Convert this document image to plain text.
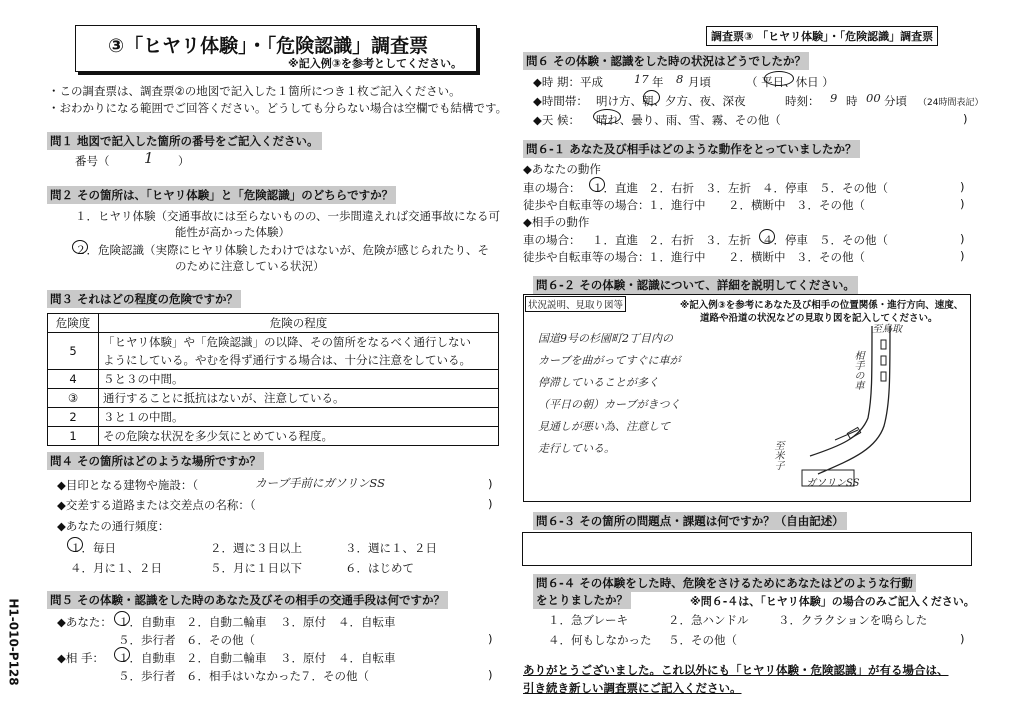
③「ヒヤリ体験」・「危険認識」調査票
※記入例③を参考としてください。
調査票③ 「ヒヤリ体験」・「危険認識」調査票
・この調査票は、調査票②の地図で記入した１箇所につき１枚ご記入ください。
・おわかりになる範囲でご回答ください。どうしても分らない場合は空欄でも結構です。
問１ 地図で記入した箇所の番号をご記入ください。
番号（ 1 ）
問２ その箇所は、「ヒヤリ体験」と「危険認識」のどちらですか？
１．ヒヤリ体験（交通事故には至らないものの、一歩間違えれば交通事故になる可
能性が高かった体験）
２．危険認識（実際にヒヤリ体験したわけではないが、危険が感じられたり、そ
のために注意している状況）
問３ それはどの程度の危険ですか？
危険度	危険の程度
5	「ヒヤリ体験」や「危険認識」の以降、その箇所をなるべく通行しない
	ようにしている。やむを得ず通行する場合は、十分に注意をしている。
4	５と３の中間。
③	通行することに抵抗はないが、注意している。
2	３と１の中間。
1	その危険な状況を多少気にとめている程度。
問４ その箇所はどのような場所ですか？
◆目印となる建物や施設：（	カーブ手前にガソリンSS	)
◆交差する道路または交差点の名称：（	)
◆あなたの通行頻度：
１．毎日	２．週に３日以上	３．週に１、２日
４．月に１、２日	５．月に１日以下	６．はじめて
問５ その体験・認識をした時のあなた及びその相手の交通手段は何ですか？
◆あなた： １．自動車 ２．自動二輪車 ３．原付 ４．自転車
５．歩行者 ６．その他（	)
◆相 手： １．自動車 ２．自動二輪車 ３．原付 ４．自転車
５．歩行者 ６．相手はいなかった ７．その他（	)
H1-010-P128
問６ その体験・認識をした時の状況はどうでしたか？
◆時 期：平成	17 年 8 月頃	（ 平日、休日 ）
◆時間帯： 明け方、朝、夕方、夜、深夜	時刻： 9 時 00 分頃 （24時間表記）
◆天 候： 晴れ、曇り、雨、雪、霧、その他（	)
問６-１ あなた及び相手はどのような動作をとっていましたか？
◆あなたの動作
車の場合： １．直進 ２．右折 ３．左折 ４．停車 ５．その他（	)
徒歩や自転車等の場合：
１．進行中 ２．横断中 ３．その他（	)
◆相手の動作
車の場合： １．直進 ２．右折 ３．左折 ４．停車 ５．その他（	)
徒歩や自転車等の場合：
１．進行中 ２．横断中 ３．その他（	)
問６-２ その体験・認識について、詳細を説明してください。
状況説明、見取り図等	※記入例③を参考にあなた及び相手の位置関係・進行方向、速度、
道路や沿道の状況などの見取り図を記入してください。
国道9号の杉園町2丁目内の
カーブを曲がってすぐに車が
停滞していることが多く
（平日の朝）カーブがきつく
見通しが悪い為、注意して
走行している。
至鳥取
相手の車
至米子
ガソリンSS
問６-３ その箇所の問題点・課題は何ですか？（自由記述）
問６-４ その体験をした時、危険をさけるためにあなたはどのような行動
をとりましたか？	※問６-４は、「ヒヤリ体験」の場合のみご記入ください。
１．急ブレーキ	２．急ハンドル	３．クラクションを鳴らした
４．何もしなかった ５．その他（	)
ありがとうございました。これ以外にも「ヒヤリ体験・危険認識」が有る場合は、
引き続き新しい調査票にご記入ください。
